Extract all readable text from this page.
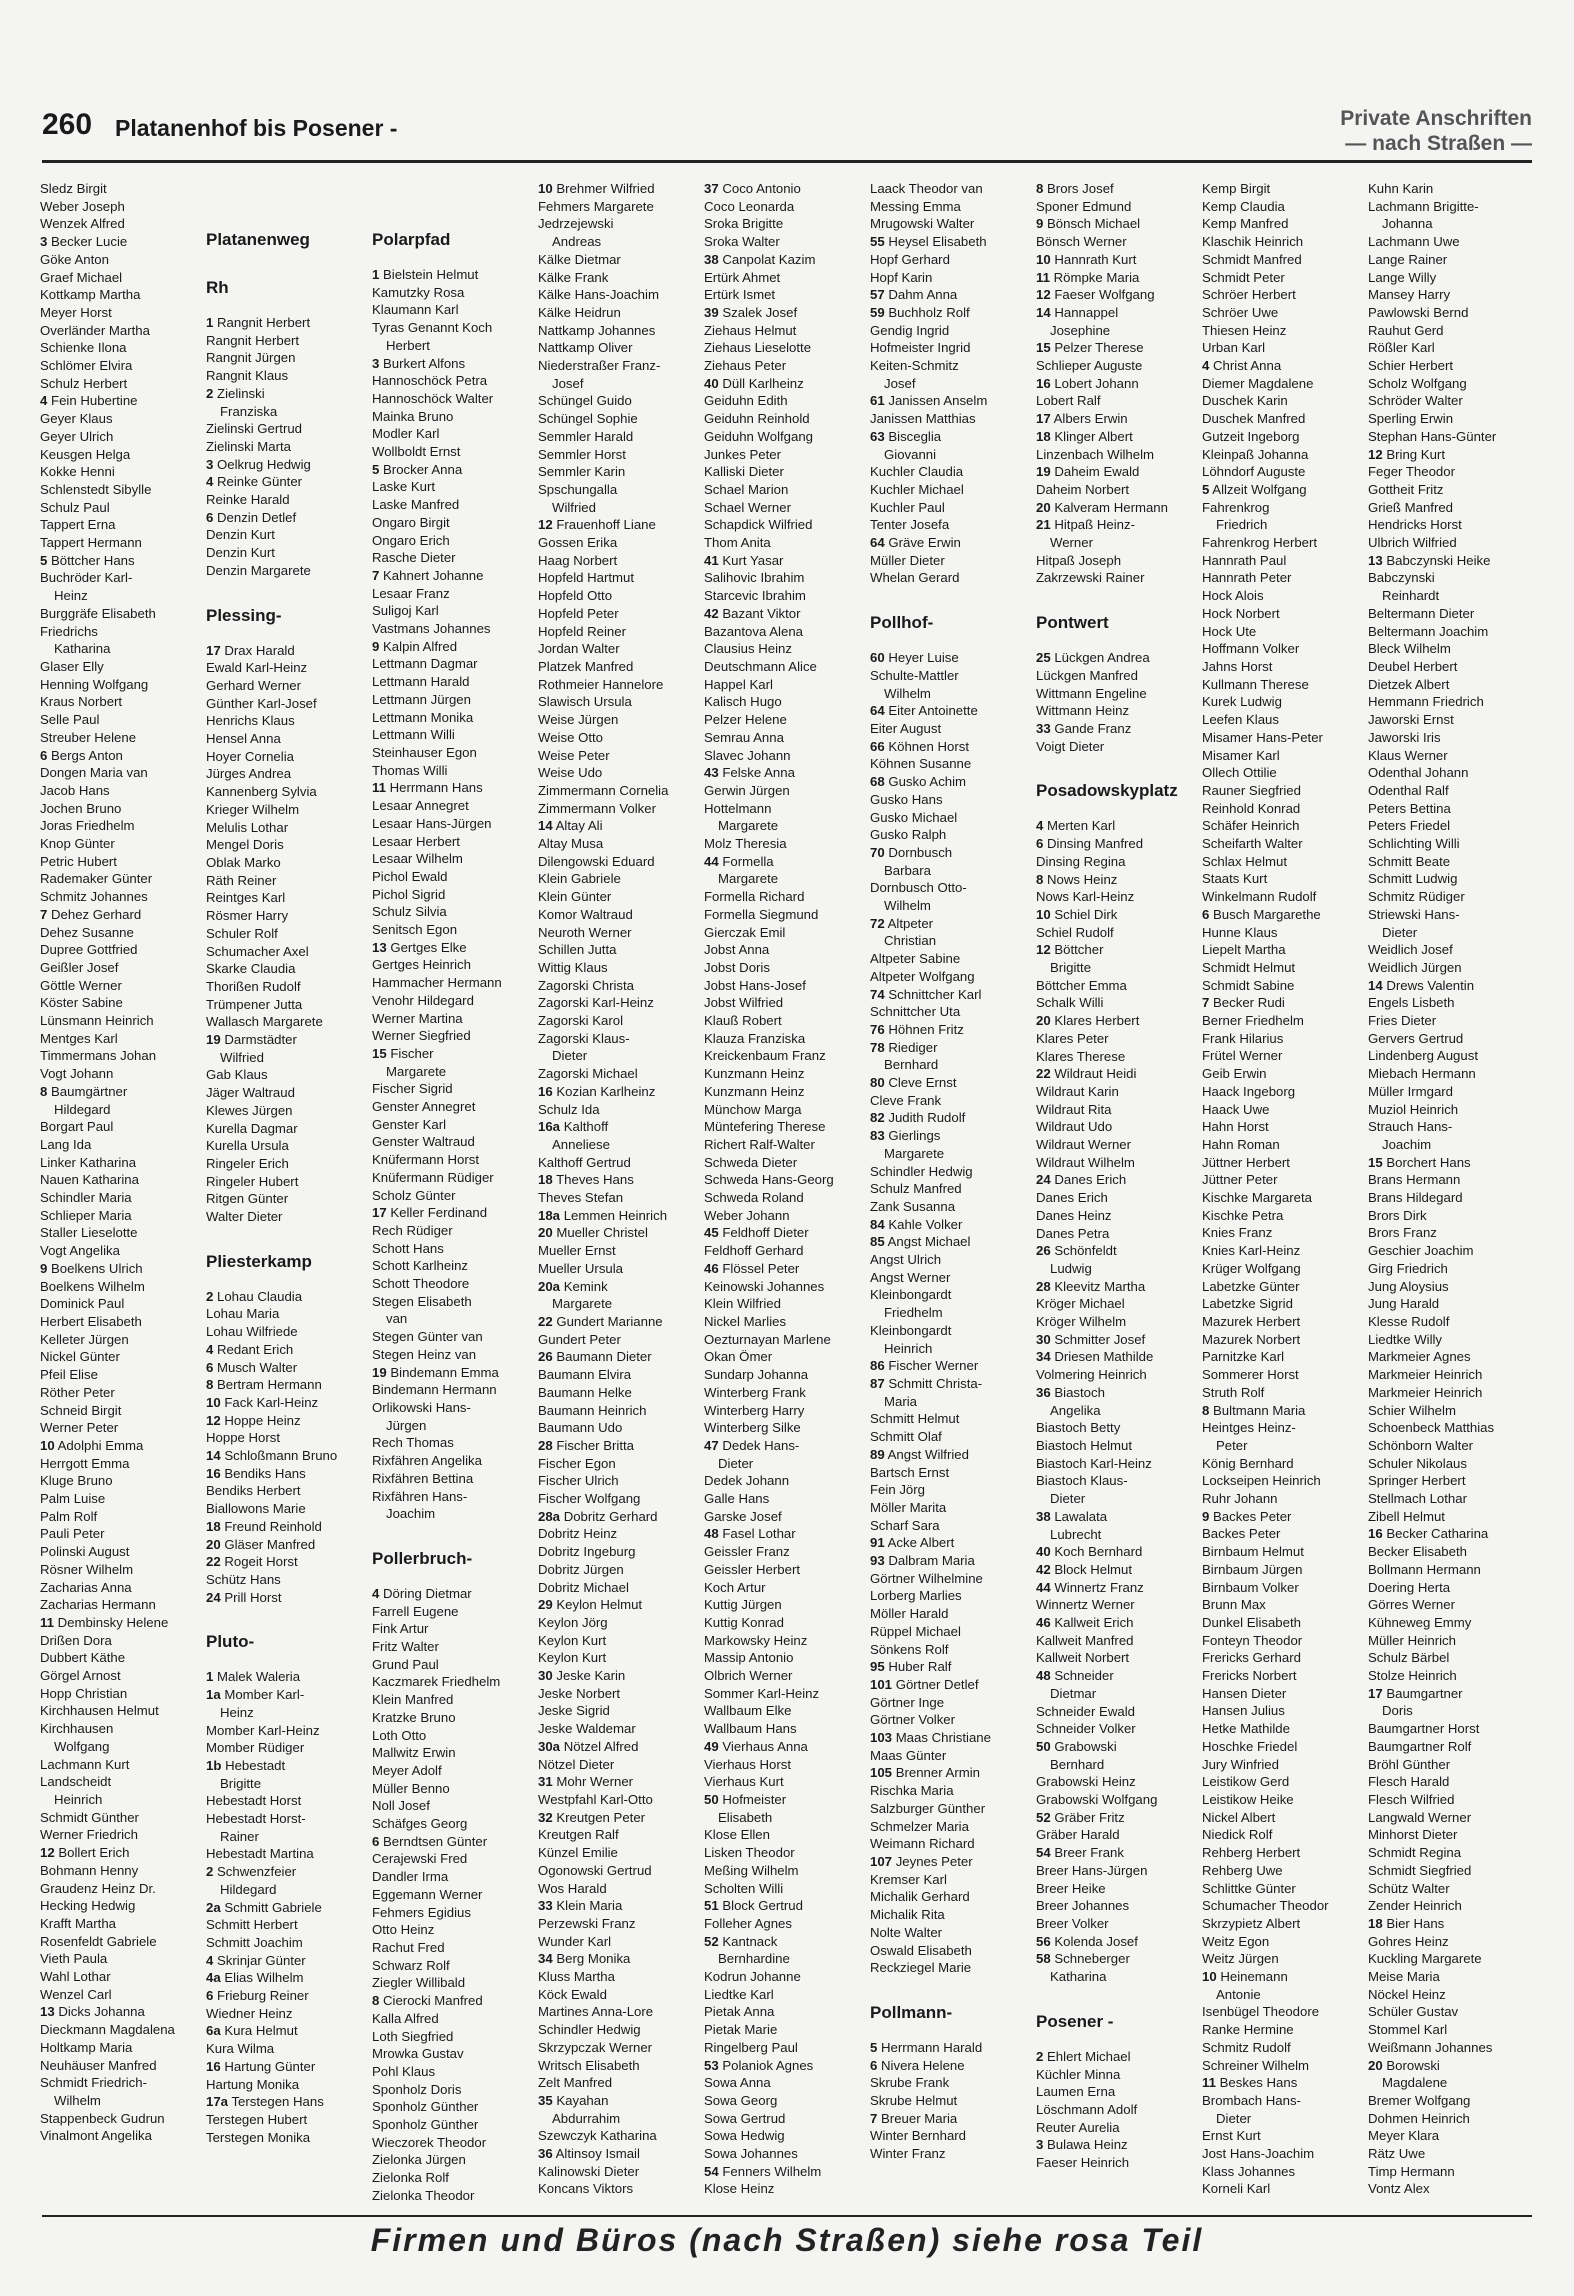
260 Platanenhof bis Posener -	Private Anschriften
— nach Straßen —
Sledz Birgit
Weber Joseph
Wenzek Alfred
3 Becker Lucie
Göke Anton
Graef Michael
Kottkamp Martha
Meyer Horst
Overländer Martha
Schienke Ilona
Schlömer Elvira
Schulz Herbert
4 Fein Hubertine
Geyer Klaus
Geyer Ulrich
Keusgen Helga
Kokke Henni
Schlenstedt Sibylle
Schulz Paul
Tappert Erna
Tappert Hermann
5 Böttcher Hans
Buchröder Karl-
Heinz
Burggräfe Elisabeth
Friedrichs
Katharina
Glaser Elly
Henning Wolfgang
Kraus Norbert
Selle Paul
Streuber Helene
6 Bergs Anton
Dongen Maria van
Jacob Hans
Jochen Bruno
Joras Friedhelm
Knop Günter
Petric Hubert
Rademaker Günter
Schmitz Johannes
7 Dehez Gerhard
Dehez Susanne
Dupree Gottfried
Geißler Josef
Göttle Werner
Köster Sabine
Lünsmann Heinrich
Mentges Karl
Timmermans Johan
Vogt Johann
8 Baumgärtner
Hildegard
Borgart Paul
Lang Ida
Linker Katharina
Nauen Katharina
Schindler Maria
Schlieper Maria
Staller Lieselotte
Vogt Angelika
9 Boelkens Ulrich
Boelkens Wilhelm
Dominick Paul
Herbert Elisabeth
Kelleter Jürgen
Nickel Günter
Pfeil Elise
Röther Peter
Schneid Birgit
Werner Peter
10 Adolphi Emma
Herrgott Emma
Kluge Bruno
Palm Luise
Palm Rolf
Pauli Peter
Polinski August
Rösner Wilhelm
Zacharias Anna
Zacharias Hermann
11 Dembinsky Helene
Drißen Dora
Dubbert Käthe
Görgel Arnost
Hopp Christian
Kirchhausen Helmut
Kirchhausen
Wolfgang
Lachmann Kurt
Landscheidt
Heinrich
Schmidt Günther
Werner Friedrich
12 Bollert Erich
Bohmann Henny
Graudenz Heinz Dr.
Hecking Hedwig
Krafft Martha
Rosenfeldt Gabriele
Vieth Paula
Wahl Lothar
Wenzel Carl
13 Dicks Johanna
Dieckmann Magdalena
Holtkamp Maria
Neuhäuser Manfred
Schmidt Friedrich-
Wilhelm
Stappenbeck Gudrun
Vinalmont Angelika
Platanenweg
Rh
1 Rangnit Herbert
Rangnit Herbert
Rangnit Jürgen
Rangnit Klaus
2 Zielinski
Franziska
Zielinski Gertrud
Zielinski Marta
3 Oelkrug Hedwig
4 Reinke Günter
Reinke Harald
6 Denzin Detlef
Denzin Kurt
Denzin Kurt
Denzin Margarete
Plessing-
17 Drax Harald
Ewald Karl-Heinz
Gerhard Werner
Günther Karl-Josef
Henrichs Klaus
Hensel Anna
Hoyer Cornelia
Jürges Andrea
Kannenberg Sylvia
Krieger Wilhelm
Melulis Lothar
Mengel Doris
Oblak Marko
Räth Reiner
Reintges Karl
Rösmer Harry
Schuler Rolf
Schumacher Axel
Skarke Claudia
Thorißen Rudolf
Trümpener Jutta
Wallasch Margarete
19 Darmstädter
Wilfried
Gab Klaus
Jäger Waltraud
Klewes Jürgen
Kurella Dagmar
Kurella Ursula
Ringeler Erich
Ringeler Hubert
Ritgen Günter
Walter Dieter
Pliesterkamp
2 Lohau Claudia
Lohau Maria
Lohau Wilfriede
4 Redant Erich
6 Musch Walter
8 Bertram Hermann
10 Fack Karl-Heinz
12 Hoppe Heinz
Hoppe Horst
14 Schloßmann Bruno
16 Bendiks Hans
Bendiks Herbert
Biallowons Marie
18 Freund Reinhold
20 Gläser Manfred
22 Rogeit Horst
Schütz Hans
24 Prill Horst
Pluto-
1 Malek Waleria
1a Momber Karl-
Heinz
Momber Karl-Heinz
Momber Rüdiger
1b Hebestadt
Brigitte
Hebestadt Horst
Hebestadt Horst-
Rainer
Hebestadt Martina
2 Schwenzfeier
Hildegard
2a Schmitt Gabriele
Schmitt Herbert
Schmitt Joachim
4 Skrinjar Günter
4a Elias Wilhelm
6 Frieburg Reiner
Wiedner Heinz
6a Kura Helmut
Kura Wilma
16 Hartung Günter
Hartung Monika
17a Terstegen Hans
Terstegen Hubert
Terstegen Monika
Polarpfad
1 Bielstein Helmut
Kamutzky Rosa
Klaumann Karl
Tyras Genannt Koch
Herbert
3 Burkert Alfons
Hannoschöck Petra
Hannoschöck Walter
Mainka Bruno
Modler Karl
Wollboldt Ernst
5 Brocker Anna
Laske Kurt
Laske Manfred
Ongaro Birgit
Ongaro Erich
Rasche Dieter
7 Kahnert Johanne
Lesaar Franz
Suligoj Karl
Vastmans Johannes
9 Kalpin Alfred
Lettmann Dagmar
Lettmann Harald
Lettmann Jürgen
Lettmann Monika
Lettmann Willi
Steinhauser Egon
Thomas Willi
11 Herrmann Hans
Lesaar Annegret
Lesaar Hans-Jürgen
Lesaar Herbert
Lesaar Wilhelm
Pichol Ewald
Pichol Sigrid
Schulz Silvia
Senitsch Egon
13 Gertges Elke
Gertges Heinrich
Hammacher Hermann
Venohr Hildegard
Werner Martina
Werner Siegfried
15 Fischer
Margarete
Fischer Sigrid
Genster Annegret
Genster Karl
Genster Waltraud
Knüfermann Horst
Knüfermann Rüdiger
Scholz Günter
17 Keller Ferdinand
Rech Rüdiger
Schott Hans
Schott Karlheinz
Schott Theodore
Stegen Elisabeth
van
Stegen Günter van
Stegen Heinz van
19 Bindemann Emma
Bindemann Hermann
Orlikowski Hans-
Jürgen
Rech Thomas
Rixfähren Angelika
Rixfähren Bettina
Rixfähren Hans-
Joachim
Pollerbruch-
4 Döring Dietmar
Farrell Eugene
Fink Artur
Fritz Walter
Grund Paul
Kaczmarek Friedhelm
Klein Manfred
Kratzke Bruno
Loth Otto
Mallwitz Erwin
Meyer Adolf
Müller Benno
Noll Josef
Schäfges Georg
6 Berndtsen Günter
Cerajewski Fred
Dandler Irma
Eggemann Werner
Fehmers Egidius
Otto Heinz
Rachut Fred
Schwarz Rolf
Ziegler Willibald
8 Cierocki Manfred
Kalla Alfred
Loth Siegfried
Mrowka Gustav
Pohl Klaus
Sponholz Doris
Sponholz Günther
Sponholz Günther
Wieczorek Theodor
Zielonka Jürgen
Zielonka Rolf
Zielonka Theodor
10 Brehmer Wilfried
Fehmers Margarete
Jedrzejewski
Andreas
Kälke Dietmar
Kälke Frank
Kälke Hans-Joachim
Kälke Heidrun
Nattkamp Johannes
Nattkamp Oliver
Niederstraßer Franz-
Josef
Schüngel Guido
Schüngel Sophie
Semmler Harald
Semmler Horst
Semmler Karin
Spschungalla
Wilfried
12 Frauenhoff Liane
Gossen Erika
Haag Norbert
Hopfeld Hartmut
Hopfeld Otto
Hopfeld Peter
Hopfeld Reiner
Jordan Walter
Platzek Manfred
Rothmeier Hannelore
Slawisch Ursula
Weise Jürgen
Weise Otto
Weise Peter
Weise Udo
Zimmermann Cornelia
Zimmermann Volker
14 Altay Ali
Altay Musa
Dilengowski Eduard
Klein Gabriele
Klein Günter
Komor Waltraud
Neuroth Werner
Schillen Jutta
Wittig Klaus
Zagorski Christa
Zagorski Karl-Heinz
Zagorski Karol
Zagorski Klaus-
Dieter
Zagorski Michael
16 Kozian Karlheinz
Schulz Ida
16a Kalthoff
Anneliese
Kalthoff Gertrud
18 Theves Hans
Theves Stefan
18a Lemmen Heinrich
20 Mueller Christel
Mueller Ernst
Mueller Ursula
20a Kemink
Margarete
22 Gundert Marianne
Gundert Peter
26 Baumann Dieter
Baumann Elvira
Baumann Helke
Baumann Heinrich
Baumann Udo
28 Fischer Britta
Fischer Egon
Fischer Ulrich
Fischer Wolfgang
28a Dobritz Gerhard
Dobritz Heinz
Dobritz Ingeburg
Dobritz Jürgen
Dobritz Michael
29 Keylon Helmut
Keylon Jörg
Keylon Kurt
Keylon Kurt
30 Jeske Karin
Jeske Norbert
Jeske Sigrid
Jeske Waldemar
30a Nötzel Alfred
Nötzel Dieter
31 Mohr Werner
Westpfahl Karl-Otto
32 Kreutgen Peter
Kreutgen Ralf
Künzel Emilie
Ogonowski Gertrud
Wos Harald
33 Klein Maria
Perzewski Franz
Wunder Karl
34 Berg Monika
Kluss Martha
Köck Ewald
Martines Anna-Lore
Schindler Hedwig
Skrzypczak Werner
Writsch Elisabeth
Zelt Manfred
35 Kayahan
Abdurrahim
Szewczyk Katharina
36 Altinsoy Ismail
Kalinowski Dieter
Koncans Viktors
37 Coco Antonio
Coco Leonarda
Sroka Brigitte
Sroka Walter
38 Canpolat Kazim
Ertürk Ahmet
Ertürk Ismet
39 Szalek Josef
Ziehaus Helmut
Ziehaus Lieselotte
Ziehaus Peter
40 Düll Karlheinz
Geiduhn Edith
Geiduhn Reinhold
Geiduhn Wolfgang
Junkes Peter
Kalliski Dieter
Schael Marion
Schael Werner
Schapdick Wilfried
Thom Anita
41 Kurt Yasar
Salihovic Ibrahim
Starcevic Ibrahim
42 Bazant Viktor
Bazantova Alena
Clausius Heinz
Deutschmann Alice
Happel Karl
Kalisch Hugo
Pelzer Helene
Semrau Anna
Slavec Johann
43 Felske Anna
Gerwin Jürgen
Hottelmann
Margarete
Molz Theresia
44 Formella
Margarete
Formella Richard
Formella Siegmund
Gierczak Emil
Jobst Anna
Jobst Doris
Jobst Hans-Josef
Jobst Wilfried
Klauß Robert
Klauza Franziska
Kreickenbaum Franz
Kunzmann Heinz
Kunzmann Heinz
Münchow Marga
Müntefering Therese
Richert Ralf-Walter
Schweda Dieter
Schweda Hans-Georg
Schweda Roland
Weber Johann
45 Feldhoff Dieter
Feldhoff Gerhard
46 Flössel Peter
Keinowski Johannes
Klein Wilfried
Nickel Marlies
Oezturnayan Marlene
Okan Ömer
Sundarp Johanna
Winterberg Frank
Winterberg Harry
Winterberg Silke
47 Dedek Hans-
Dieter
Dedek Johann
Galle Hans
Garske Josef
48 Fasel Lothar
Geissler Franz
Geissler Herbert
Koch Artur
Kuttig Jürgen
Kuttig Konrad
Markowsky Heinz
Massip Antonio
Olbrich Werner
Sommer Karl-Heinz
Wallbaum Elke
Wallbaum Hans
49 Vierhaus Anna
Vierhaus Horst
Vierhaus Kurt
50 Hofmeister
Elisabeth
Klose Ellen
Lisken Theodor
Meßing Wilhelm
Scholten Willi
51 Block Gertrud
Folleher Agnes
52 Kantnack
Bernhardine
Kodrun Johanne
Liedtke Karl
Pietak Anna
Pietak Marie
Ringelberg Paul
53 Polaniok Agnes
Sowa Anna
Sowa Georg
Sowa Gertrud
Sowa Hedwig
Sowa Johannes
54 Fenners Wilhelm
Klose Heinz
Laack Theodor van
Messing Emma
Mrugowski Walter
55 Heysel Elisabeth
Hopf Gerhard
Hopf Karin
57 Dahm Anna
59 Buchholz Rolf
Gendig Ingrid
Hofmeister Ingrid
Keiten-Schmitz
Josef
61 Janissen Anselm
Janissen Matthias
63 Bisceglia
Giovanni
Kuchler Claudia
Kuchler Michael
Kuchler Paul
Tenter Josefa
64 Gräve Erwin
Müller Dieter
Whelan Gerard
Pollhof-
60 Heyer Luise
Schulte-Mattler
Wilhelm
64 Eiter Antoinette
Eiter August
66 Köhnen Horst
Köhnen Susanne
68 Gusko Achim
Gusko Hans
Gusko Michael
Gusko Ralph
70 Dornbusch
Barbara
Dornbusch Otto-
Wilhelm
72 Altpeter
Christian
Altpeter Sabine
Altpeter Wolfgang
74 Schnittcher Karl
Schnittcher Uta
76 Höhnen Fritz
78 Riediger
Bernhard
80 Cleve Ernst
Cleve Frank
82 Judith Rudolf
83 Gierlings
Margarete
Schindler Hedwig
Schulz Manfred
Zank Susanna
84 Kahle Volker
85 Angst Michael
Angst Ulrich
Angst Werner
Kleinbongardt
Friedhelm
Kleinbongardt
Heinrich
86 Fischer Werner
87 Schmitt Christa-
Maria
Schmitt Helmut
Schmitt Olaf
89 Angst Wilfried
Bartsch Ernst
Fein Jörg
Möller Marita
Scharf Sara
91 Acke Albert
93 Dalbram Maria
Görtner Wilhelmine
Lorberg Marlies
Möller Harald
Rüppel Michael
Sönkens Rolf
95 Huber Ralf
101 Görtner Detlef
Görtner Inge
Görtner Volker
103 Maas Christiane
Maas Günter
105 Brenner Armin
Rischka Maria
Salzburger Günther
Schmelzer Maria
Weimann Richard
107 Jeynes Peter
Kremser Karl
Michalik Gerhard
Michalik Rita
Nolte Walter
Oswald Elisabeth
Reckziegel Marie
Pollmann-
5 Herrmann Harald
6 Nivera Helene
Skrube Frank
Skrube Helmut
7 Breuer Maria
Winter Bernhard
Winter Franz
8 Brors Josef
Sponer Edmund
9 Bönsch Michael
Bönsch Werner
10 Hannrath Kurt
11 Römpke Maria
12 Faeser Wolfgang
14 Hannappel
Josephine
15 Pelzer Therese
Schlieper Auguste
16 Lobert Johann
Lobert Ralf
17 Albers Erwin
18 Klinger Albert
Linzenbach Wilhelm
19 Daheim Ewald
Daheim Norbert
20 Kalveram Hermann
21 Hitpaß Heinz-
Werner
Hitpaß Joseph
Zakrzewski Rainer
Pontwert
25 Lückgen Andrea
Lückgen Manfred
Wittmann Engeline
Wittmann Heinz
33 Gande Franz
Voigt Dieter
Posadowskyplatz
4 Merten Karl
6 Dinsing Manfred
Dinsing Regina
8 Nows Heinz
Nows Karl-Heinz
10 Schiel Dirk
Schiel Rudolf
12 Böttcher
Brigitte
Böttcher Emma
Schalk Willi
20 Klares Herbert
Klares Peter
Klares Therese
22 Wildraut Heidi
Wildraut Karin
Wildraut Rita
Wildraut Udo
Wildraut Werner
Wildraut Wilhelm
24 Danes Erich
Danes Erich
Danes Heinz
Danes Petra
26 Schönfeldt
Ludwig
28 Kleevitz Martha
Kröger Michael
Kröger Wilhelm
30 Schmitter Josef
34 Driesen Mathilde
Volmering Heinrich
36 Biastoch
Angelika
Biastoch Betty
Biastoch Helmut
Biastoch Karl-Heinz
Biastoch Klaus-
Dieter
38 Lawalata
Lubrecht
40 Koch Bernhard
42 Block Helmut
44 Winnertz Franz
Winnertz Werner
46 Kallweit Erich
Kallweit Manfred
Kallweit Norbert
48 Schneider
Dietmar
Schneider Ewald
Schneider Volker
50 Grabowski
Bernhard
Grabowski Heinz
Grabowski Wolfgang
52 Gräber Fritz
Gräber Harald
54 Breer Frank
Breer Hans-Jürgen
Breer Heike
Breer Johannes
Breer Volker
56 Kolenda Josef
58 Schneberger
Katharina
Posener -
2 Ehlert Michael
Küchler Minna
Laumen Erna
Löschmann Adolf
Reuter Aurelia
3 Bulawa Heinz
Faeser Heinrich
Kemp Birgit
Kemp Claudia
Kemp Manfred
Klaschik Heinrich
Schmidt Manfred
Schmidt Peter
Schröer Herbert
Schröer Uwe
Thiesen Heinz
Urban Karl
4 Christ Anna
Diemer Magdalene
Duschek Karin
Duschek Manfred
Gutzeit Ingeborg
Kleinpaß Johanna
Löhndorf Auguste
5 Allzeit Wolfgang
Fahrenkrog
Friedrich
Fahrenkrog Herbert
Hannrath Paul
Hannrath Peter
Hock Alois
Hock Norbert
Hock Ute
Hoffmann Volker
Jahns Horst
Kullmann Therese
Kurek Ludwig
Leefen Klaus
Misamer Hans-Peter
Misamer Karl
Ollech Ottilie
Rauner Siegfried
Reinhold Konrad
Schäfer Heinrich
Scheifarth Walter
Schlax Helmut
Staats Kurt
Winkelmann Rudolf
6 Busch Margarethe
Hunne Klaus
Liepelt Martha
Schmidt Helmut
Schmidt Sabine
7 Becker Rudi
Berner Friedhelm
Frank Hilarius
Frütel Werner
Geib Erwin
Haack Ingeborg
Haack Uwe
Hahn Horst
Hahn Roman
Jüttner Herbert
Jüttner Peter
Kischke Margareta
Kischke Petra
Knies Franz
Knies Karl-Heinz
Krüger Wolfgang
Labetzke Günter
Labetzke Sigrid
Mazurek Herbert
Mazurek Norbert
Parnitzke Karl
Sommerer Horst
Struth Rolf
8 Bultmann Maria
Heintges Heinz-
Peter
König Bernhard
Lockseipen Heinrich
Ruhr Johann
9 Backes Peter
Backes Peter
Birnbaum Helmut
Birnbaum Jürgen
Birnbaum Volker
Brunn Max
Dunkel Elisabeth
Fonteyn Theodor
Frericks Gerhard
Frericks Norbert
Hansen Dieter
Hansen Julius
Hetke Mathilde
Hoschke Friedel
Jury Winfried
Leistikow Gerd
Leistikow Heike
Nickel Albert
Niedick Rolf
Rehberg Herbert
Rehberg Uwe
Schlittke Günter
Schumacher Theodor
Skrzypietz Albert
Weitz Egon
Weitz Jürgen
10 Heinemann
Antonie
Isenbügel Theodore
Ranke Hermine
Schmitz Rudolf
Schreiner Wilhelm
11 Beskes Hans
Brombach Hans-
Dieter
Ernst Kurt
Jost Hans-Joachim
Klass Johannes
Korneli Karl
Kuhn Karin
Lachmann Brigitte-
Johanna
Lachmann Uwe
Lange Rainer
Lange Willy
Mansey Harry
Pawlowski Bernd
Rauhut Gerd
Rößler Karl
Schier Herbert
Scholz Wolfgang
Schröder Walter
Sperling Erwin
Stephan Hans-Günter
12 Bring Kurt
Feger Theodor
Gottheit Fritz
Grieß Manfred
Hendricks Horst
Ulbrich Wilfried
13 Babczynski Heike
Babczynski
Reinhardt
Beltermann Dieter
Beltermann Joachim
Bleck Wilhelm
Deubel Herbert
Dietzek Albert
Hemmann Friedrich
Jaworski Ernst
Jaworski Iris
Klaus Werner
Odenthal Johann
Odenthal Ralf
Peters Bettina
Peters Friedel
Schlichting Willi
Schmitt Beate
Schmitt Ludwig
Schmitz Rüdiger
Striewski Hans-
Dieter
Weidlich Josef
Weidlich Jürgen
14 Drews Valentin
Engels Lisbeth
Fries Dieter
Gervers Gertrud
Lindenberg August
Miebach Hermann
Müller Irmgard
Muziol Heinrich
Strauch Hans-
Joachim
15 Borchert Hans
Brans Hermann
Brans Hildegard
Brors Dirk
Brors Franz
Geschier Joachim
Girg Friedrich
Jung Aloysius
Jung Harald
Klesse Rudolf
Liedtke Willy
Markmeier Agnes
Markmeier Heinrich
Markmeier Heinrich
Schier Wilhelm
Schoenbeck Matthias
Schönborn Walter
Schuler Nikolaus
Springer Herbert
Stellmach Lothar
Zibell Helmut
16 Becker Catharina
Becker Elisabeth
Bollmann Hermann
Doering Herta
Görres Werner
Kühneweg Emmy
Müller Heinrich
Schulz Bärbel
Stolze Heinrich
17 Baumgartner
Doris
Baumgartner Horst
Baumgartner Rolf
Bröhl Günther
Flesch Harald
Flesch Wilfried
Langwald Werner
Minhorst Dieter
Schmidt Regina
Schmidt Siegfried
Schütz Walter
Zender Heinrich
18 Bier Hans
Gohres Heinz
Kuckling Margarete
Meise Maria
Nöckel Heinz
Schüler Gustav
Stommel Karl
Weißmann Johannes
20 Borowski
Magdalene
Bremer Wolfgang
Dohmen Heinrich
Meyer Klara
Rätz Uwe
Timp Hermann
Vontz Alex
Firmen und Büros (nach Straßen) siehe rosa Teil
